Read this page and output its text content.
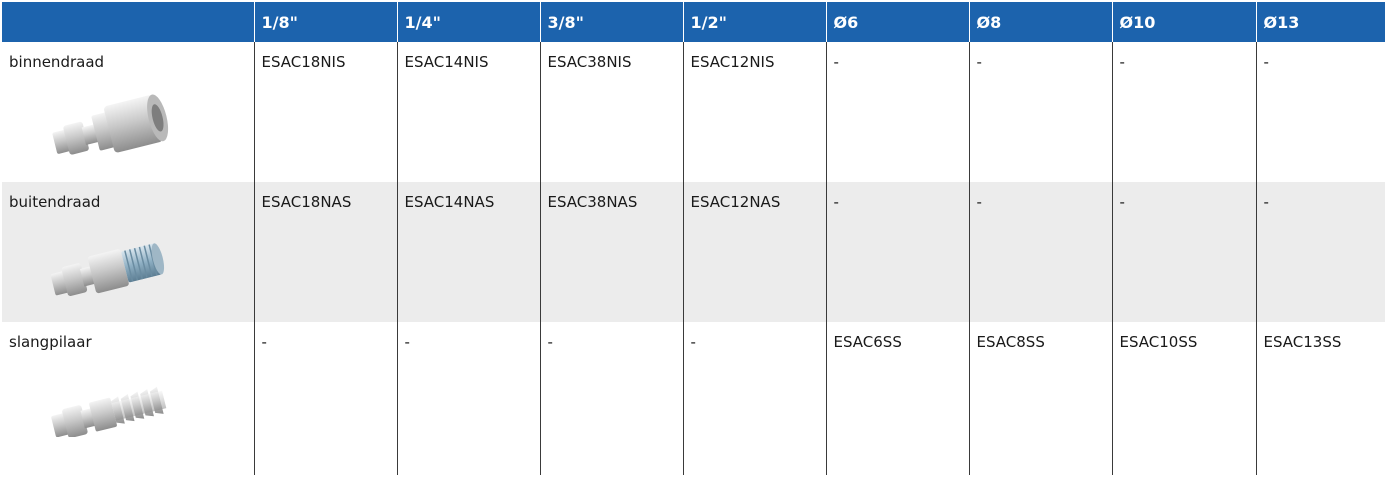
	1/8"	1/4"	3/8"	1/2"	Ø6	Ø8	Ø10	Ø13

binnendraad	ESAC18NIS	ESAC14NIS	ESAC38NIS	ESAC12NIS	-	-	-	-

buitendraad	ESAC18NAS	ESAC14NAS	ESAC38NAS	ESAC12NAS	-	-	-	-

slangpilaar	-	-	-	-	ESAC6SS	ESAC8SS	ESAC10SS	ESAC13SS
